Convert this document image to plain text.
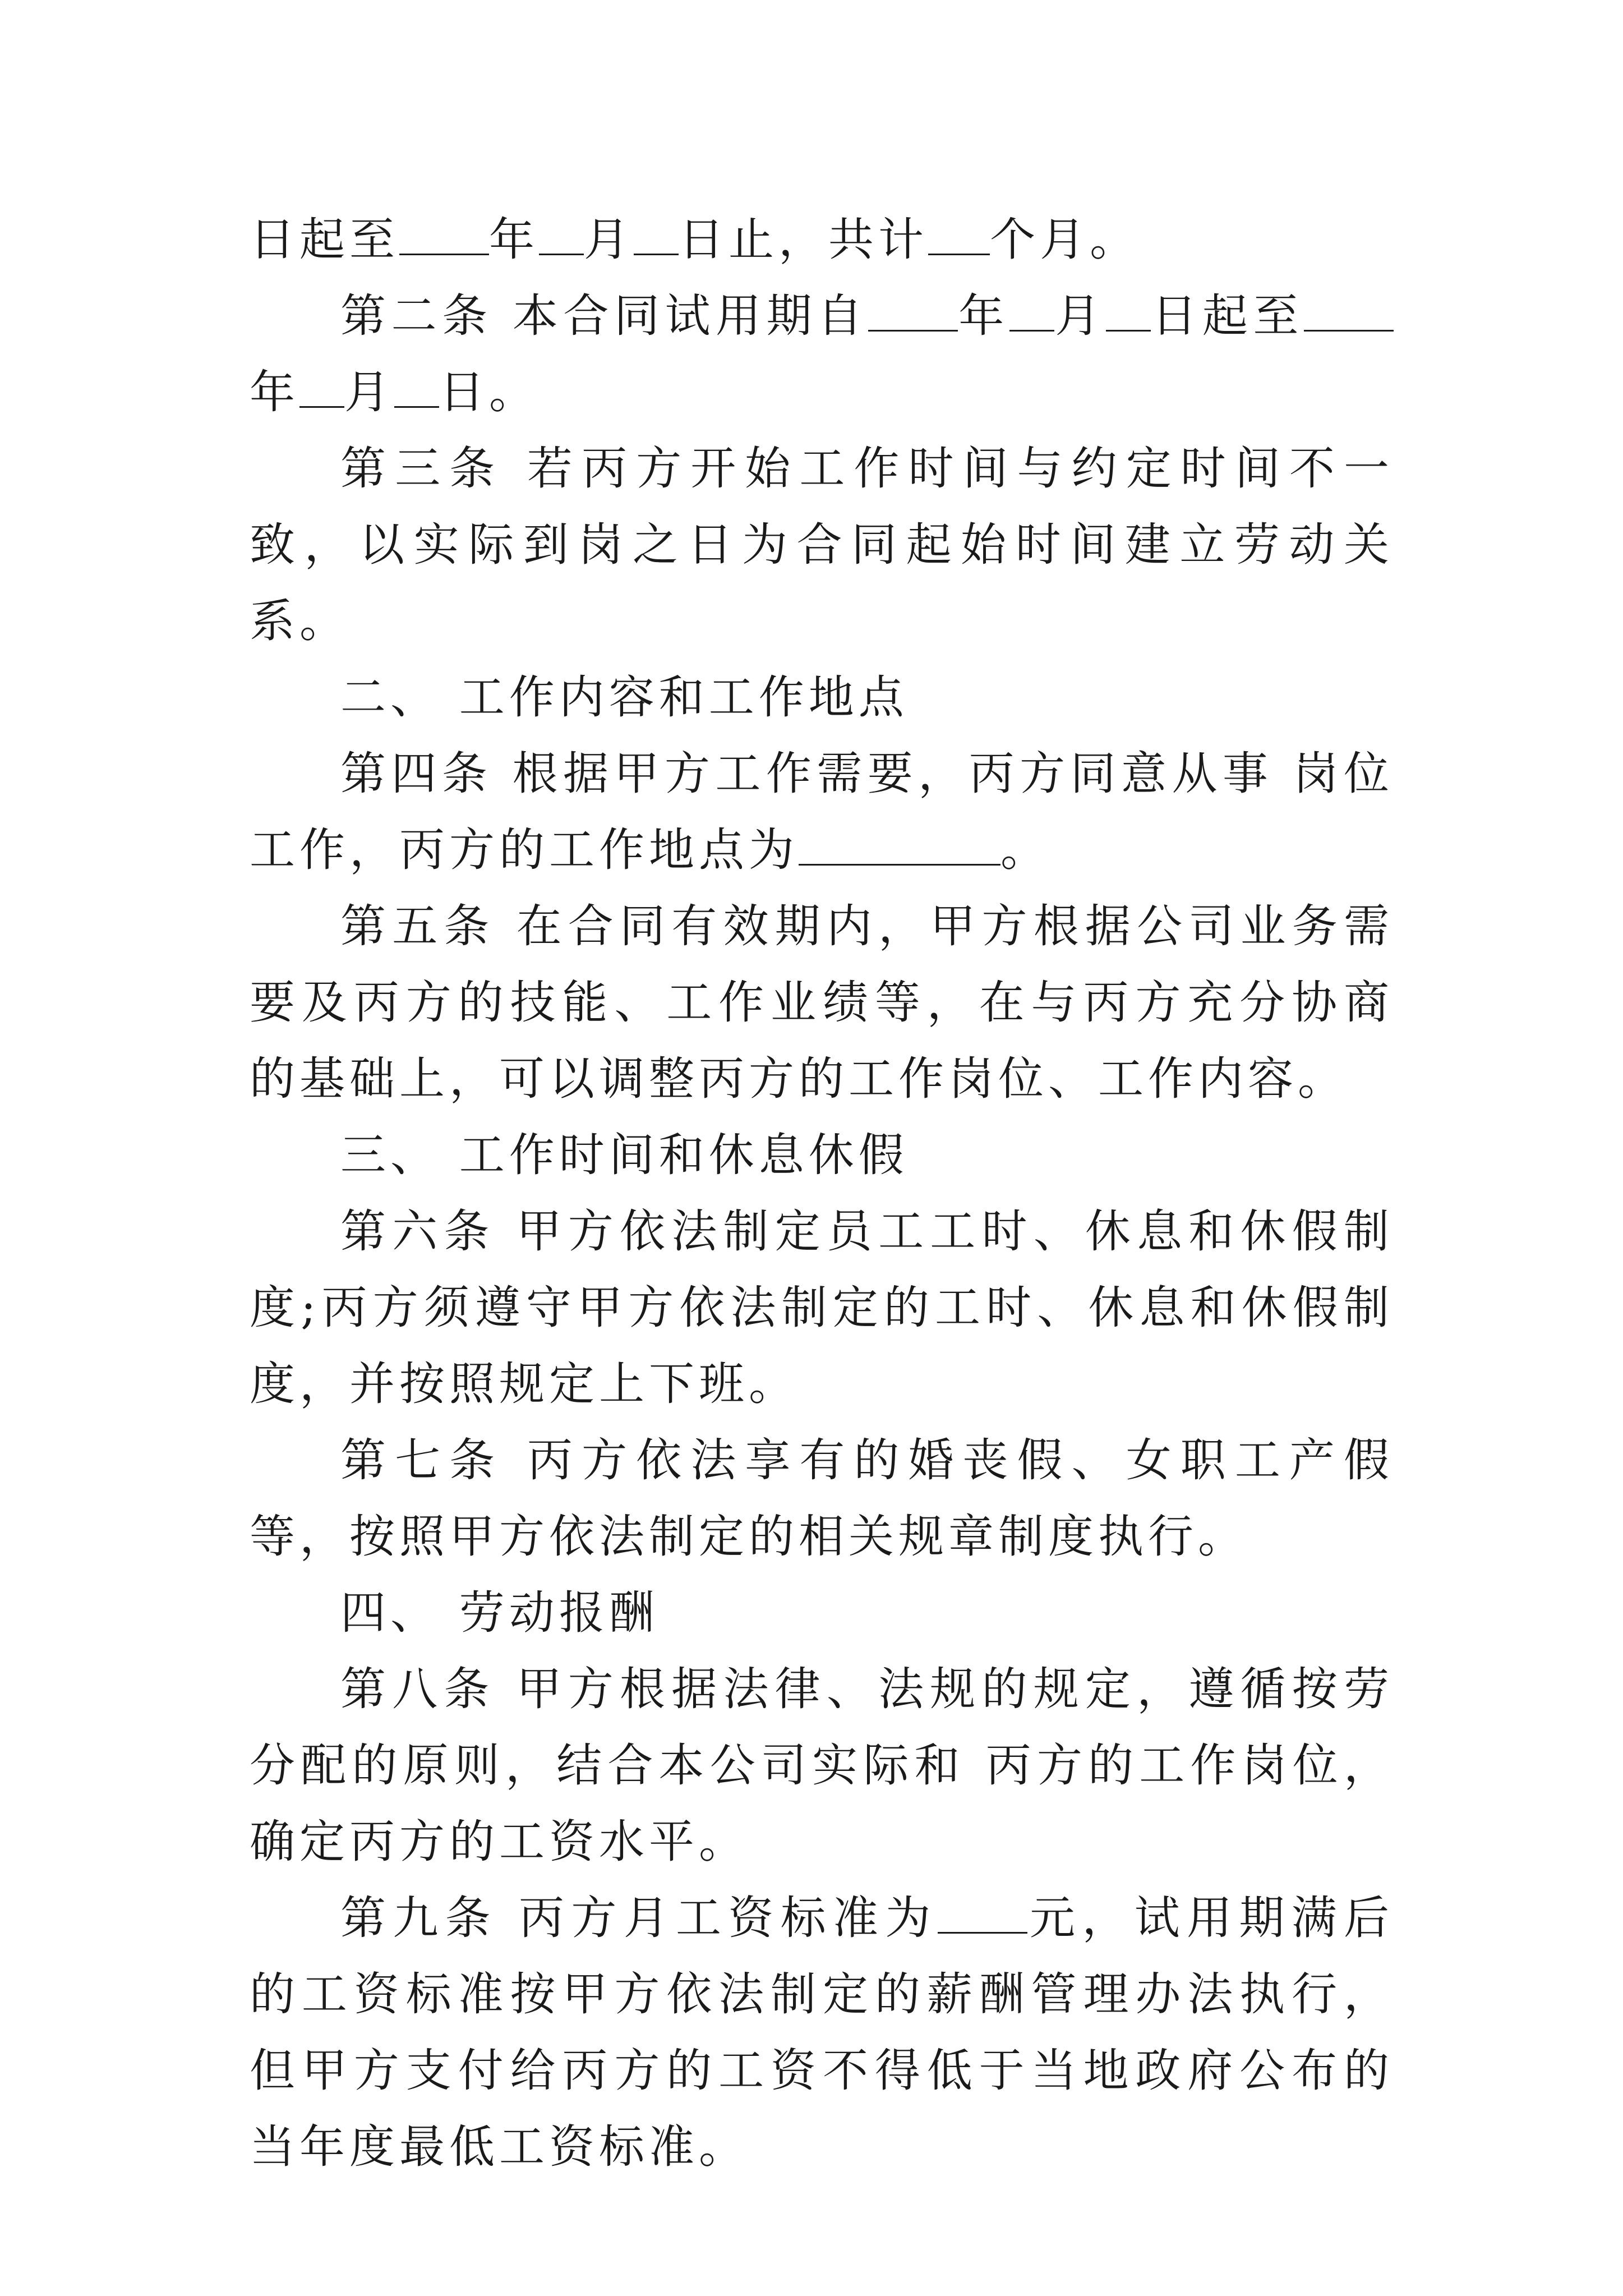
日起至 年 月 日止，共计 个月。

第二条 本合同试用期自 年 月 日起至年 月 日。

第三条 若丙方开始工作时间与约定时间不一致，以实际到岗之日为合同起始时间建立劳动关系。

二、 工作内容和工作地点

第四条 根据甲方工作需要，丙方同意从事 岗位工作，丙方的工作地点为	。

第五条 在合同有效期内，甲方根据公司业务需要及丙方的技能、工作业绩等，在与丙方充分协商的基础上，可以调整丙方的工作岗位、工作内容。

三、 工作时间和休息休假

第六条 甲方依法制定员工工时、休息和休假制度;丙方须遵守甲方依法制定的工时、休息和休假制度，并按照规定上下班。

第七条 丙方依法享有的婚丧假、女职工产假等，按照甲方依法制定的相关规章制度执行。

四、 劳动报酬

第八条 甲方根据法律、法规的规定，遵循按劳分配的原则，结合本公司实际和 丙方的工作岗位，确定丙方的工资水平。

第九条 丙方月工资标准为 元，试用期满后的工资标准按甲方依法制定的薪酬管理办法执行，但甲方支付给丙方的工资不得低于当地政府公布的当年度最低工资标准。
